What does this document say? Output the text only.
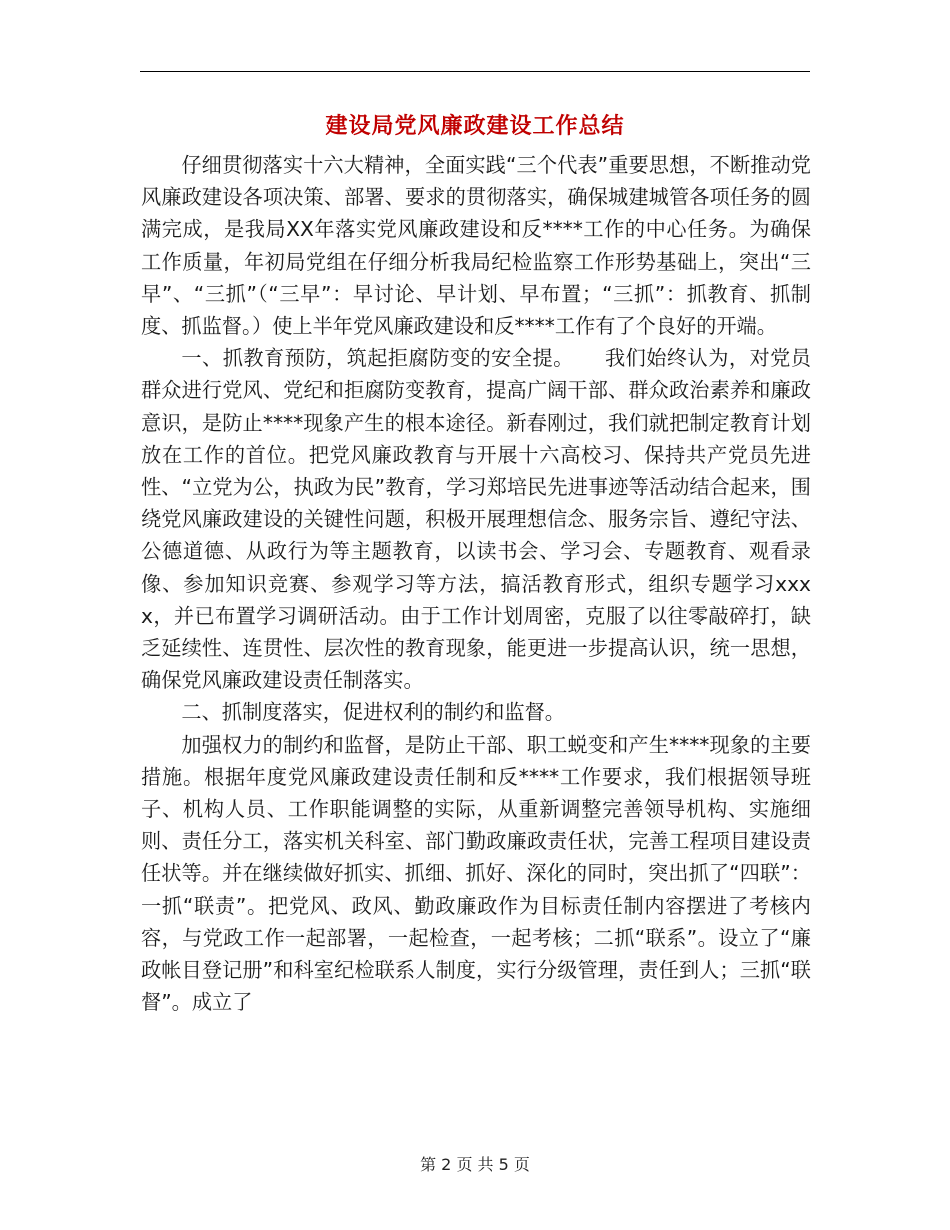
建设局党风廉政建设工作总结

仔细贯彻落实十六大精神，全面实践“三个代表”重要思想，不断推动党风廉政建设各项决策、部署、要求的贯彻落实，确保城建城管各项任务的圆满完成，是我局XX年落实党风廉政建设和反****工作的中心任务。为确保工作质量，年初局党组在仔细分析我局纪检监察工作形势基础上，突出“三早”、“三抓”（“三早”：早讨论、早计划、早布置；“三抓”：抓教育、抓制度、抓监督。）使上半年党风廉政建设和反****工作有了个良好的开端。

一、抓教育预防，筑起拒腐防变的安全提。　　我们始终认为，对党员群众进行党风、党纪和拒腐防变教育，提高广阔干部、群众政治素养和廉政意识，是防止****现象产生的根本途径。新春刚过，我们就把制定教育计划放在工作的首位。把党风廉政教育与开展十六高校习、保持共产党员先进性、“立党为公，执政为民”教育，学习郑培民先进事迹等活动结合起来，围绕党风廉政建设的关键性问题，积极开展理想信念、服务宗旨、遵纪守法、公德道德、从政行为等主题教育，以读书会、学习会、专题教育、观看录像、参加知识竞赛、参观学习等方法，搞活教育形式，组织专题学习xxxx，并已布置学习调研活动。由于工作计划周密，克服了以往零敲碎打，缺乏延续性、连贯性、层次性的教育现象，能更进一步提高认识，统一思想，确保党风廉政建设责任制落实。

二、抓制度落实，促进权利的制约和监督。

加强权力的制约和监督，是防止干部、职工蜕变和产生****现象的主要措施。根据年度党风廉政建设责任制和反****工作要求，我们根据领导班子、机构人员、工作职能调整的实际，从重新调整完善领导机构、实施细则、责任分工，落实机关科室、部门勤政廉政责任状，完善工程项目建设责任状等。并在继续做好抓实、抓细、抓好、深化的同时，突出抓了“四联”：一抓“联责”。把党风、政风、勤政廉政作为目标责任制内容摆进了考核内容，与党政工作一起部署，一起检查，一起考核；二抓“联系”。设立了“廉政帐目登记册”和科室纪检联系人制度，实行分级管理，责任到人；三抓“联督”。成立了

第 2 页 共 5 页
